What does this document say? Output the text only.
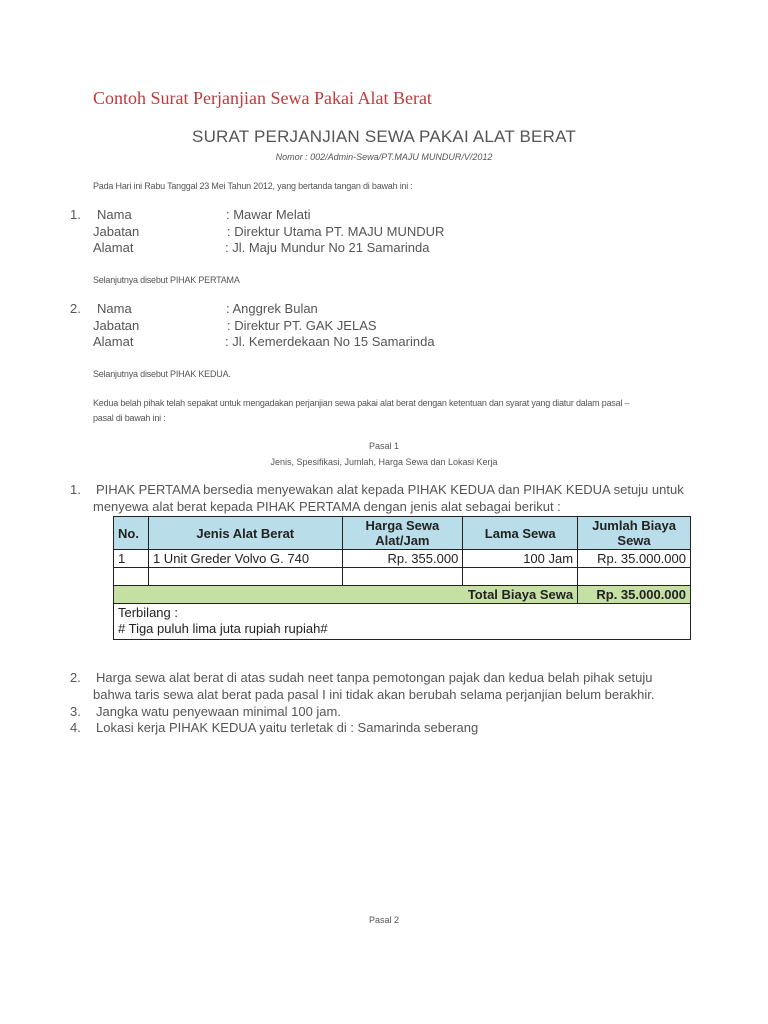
Contoh Surat Perjanjian Sewa Pakai Alat Berat
SURAT PERJANJIAN SEWA PAKAI ALAT BERAT
Nomor : 002/Admin-Sewa/PT.MAJU MUNDUR/V/2012
Pada Hari ini Rabu Tanggal 23 Mei Tahun 2012, yang bertanda tangan di bawah ini :
1. Nama	: Mawar Melati
Jabatan	: Direktur Utama PT. MAJU MUNDUR
Alamat	: Jl. Maju Mundur No 21 Samarinda
Selanjutnya disebut PIHAK PERTAMA
2. Nama	: Anggrek Bulan
Jabatan	: Direktur PT. GAK JELAS
Alamat	: Jl. Kemerdekaan No 15 Samarinda
Selanjutnya disebut PIHAK KEDUA.
Kedua belah pihak telah sepakat untuk mengadakan perjanjian sewa pakai alat berat dengan ketentuan dan syarat yang diatur dalam pasal –
pasal di bawah ini :
Pasal 1
Jenis, Spesifikasi, Jumlah, Harga Sewa dan Lokasi Kerja
1. PIHAK PERTAMA bersedia menyewakan alat kepada PIHAK KEDUA dan PIHAK KEDUA setuju untuk
menyewa alat berat kepada PIHAK PERTAMA dengan jenis alat sebagai berikut :
No.	Jenis Alat Berat	Harga Sewa Alat/Jam	Lama Sewa	Jumlah Biaya Sewa
1	1 Unit Greder Volvo G. 740	Rp. 355.000	100 Jam	Rp. 35.000.000

Total Biaya Sewa				Rp. 35.000.000

Terbilang :
# Tiga puluh lima juta rupiah rupiah#				
2. Harga sewa alat berat di atas sudah neet tanpa pemotongan pajak dan kedua belah pihak setuju
bahwa taris sewa alat berat pada pasal I ini tidak akan berubah selama perjanjian belum berakhir.
3. Jangka watu penyewaan minimal 100 jam.
4. Lokasi kerja PIHAK KEDUA yaitu terletak di : Samarinda seberang
Pasal 2
